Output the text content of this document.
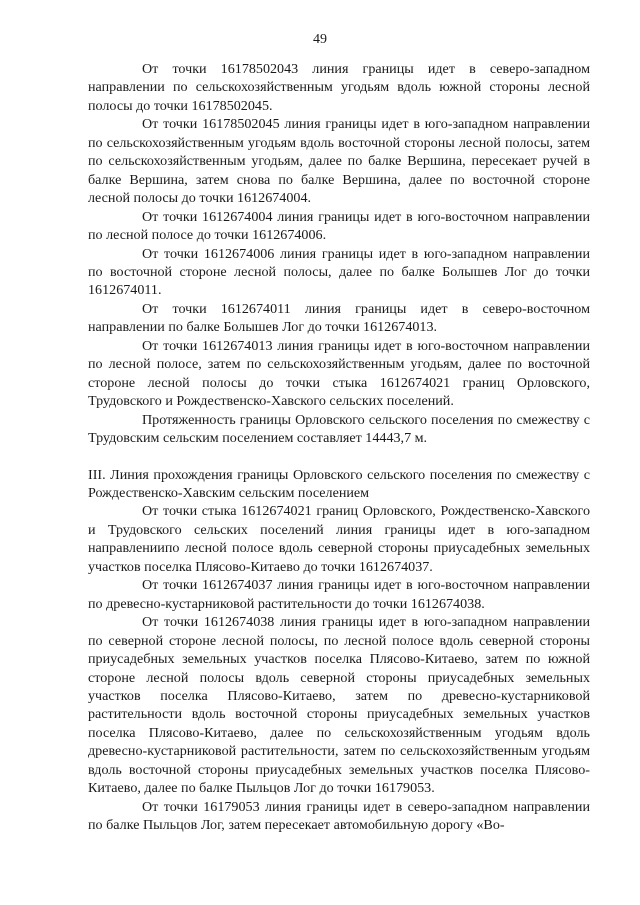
49

От точки 16178502043 линия границы идет в северо-западном направлении по сельскохозяйственным угодьям вдоль южной стороны лесной полосы до точки 16178502045.

От точки 16178502045 линия границы идет в юго-западном направлении по сельскохозяйственным угодьям вдоль восточной стороны лесной полосы, затем по сельскохозяйственным угодьям, далее по балке Вершина, пересекает ручей в балке Вершина, затем снова по балке Вершина, далее по восточной стороне лесной полосы до точки 1612674004.

От точки 1612674004 линия границы идет в юго-восточном направлении по лесной полосе до точки 1612674006.

От точки 1612674006 линия границы идет в юго-западном направлении по восточной стороне лесной полосы, далее по балке Болышев Лог до точки 1612674011.

От точки 1612674011 линия границы идет в северо-восточном направлении по балке Болышев Лог до точки 1612674013.

От точки 1612674013 линия границы идет в юго-восточном направлении по лесной полосе, затем по сельскохозяйственным угодьям, далее по восточной стороне лесной полосы до точки стыка 1612674021 границ Орловского, Трудовского и Рождественско-Хавского сельских поселений.

Протяженность границы Орловского сельского поселения по смежеству с Трудовским сельским поселением составляет 14443,7 м.

III. Линия прохождения границы Орловского сельского поселения по смежеству с Рождественско-Хавским сельским поселением

От точки стыка 1612674021 границ Орловского, Рождественско-Хавского и Трудовского сельских поселений линия границы идет в юго-западном направлениипо лесной полосе вдоль северной стороны приусадебных земельных участков поселка Плясово-Китаево до точки 1612674037.

От точки 1612674037 линия границы идет в юго-восточном направлении по древесно-кустарниковой растительности до точки 1612674038.

От точки 1612674038 линия границы идет в юго-западном направлении по северной стороне лесной полосы, по лесной полосе вдоль северной стороны приусадебных земельных участков поселка Плясово-Китаево, затем по южной стороне лесной полосы вдоль северной стороны приусадебных земельных участков поселка Плясово-Китаево, затем по древесно-кустарниковой растительности вдоль восточной стороны приусадебных земельных участков поселка Плясово-Китаево, далее по сельскохозяйственным угодьям вдоль древесно-кустарниковой растительности, затем по сельскохозяйственным угодьям вдоль восточной стороны приусадебных земельных участков поселка Плясово-Китаево, далее по балке Пыльцов Лог до точки 16179053.

От точки 16179053 линия границы идет в северо-западном направлении по балке Пыльцов Лог, затем пересекает автомобильную дорогу «Во-
